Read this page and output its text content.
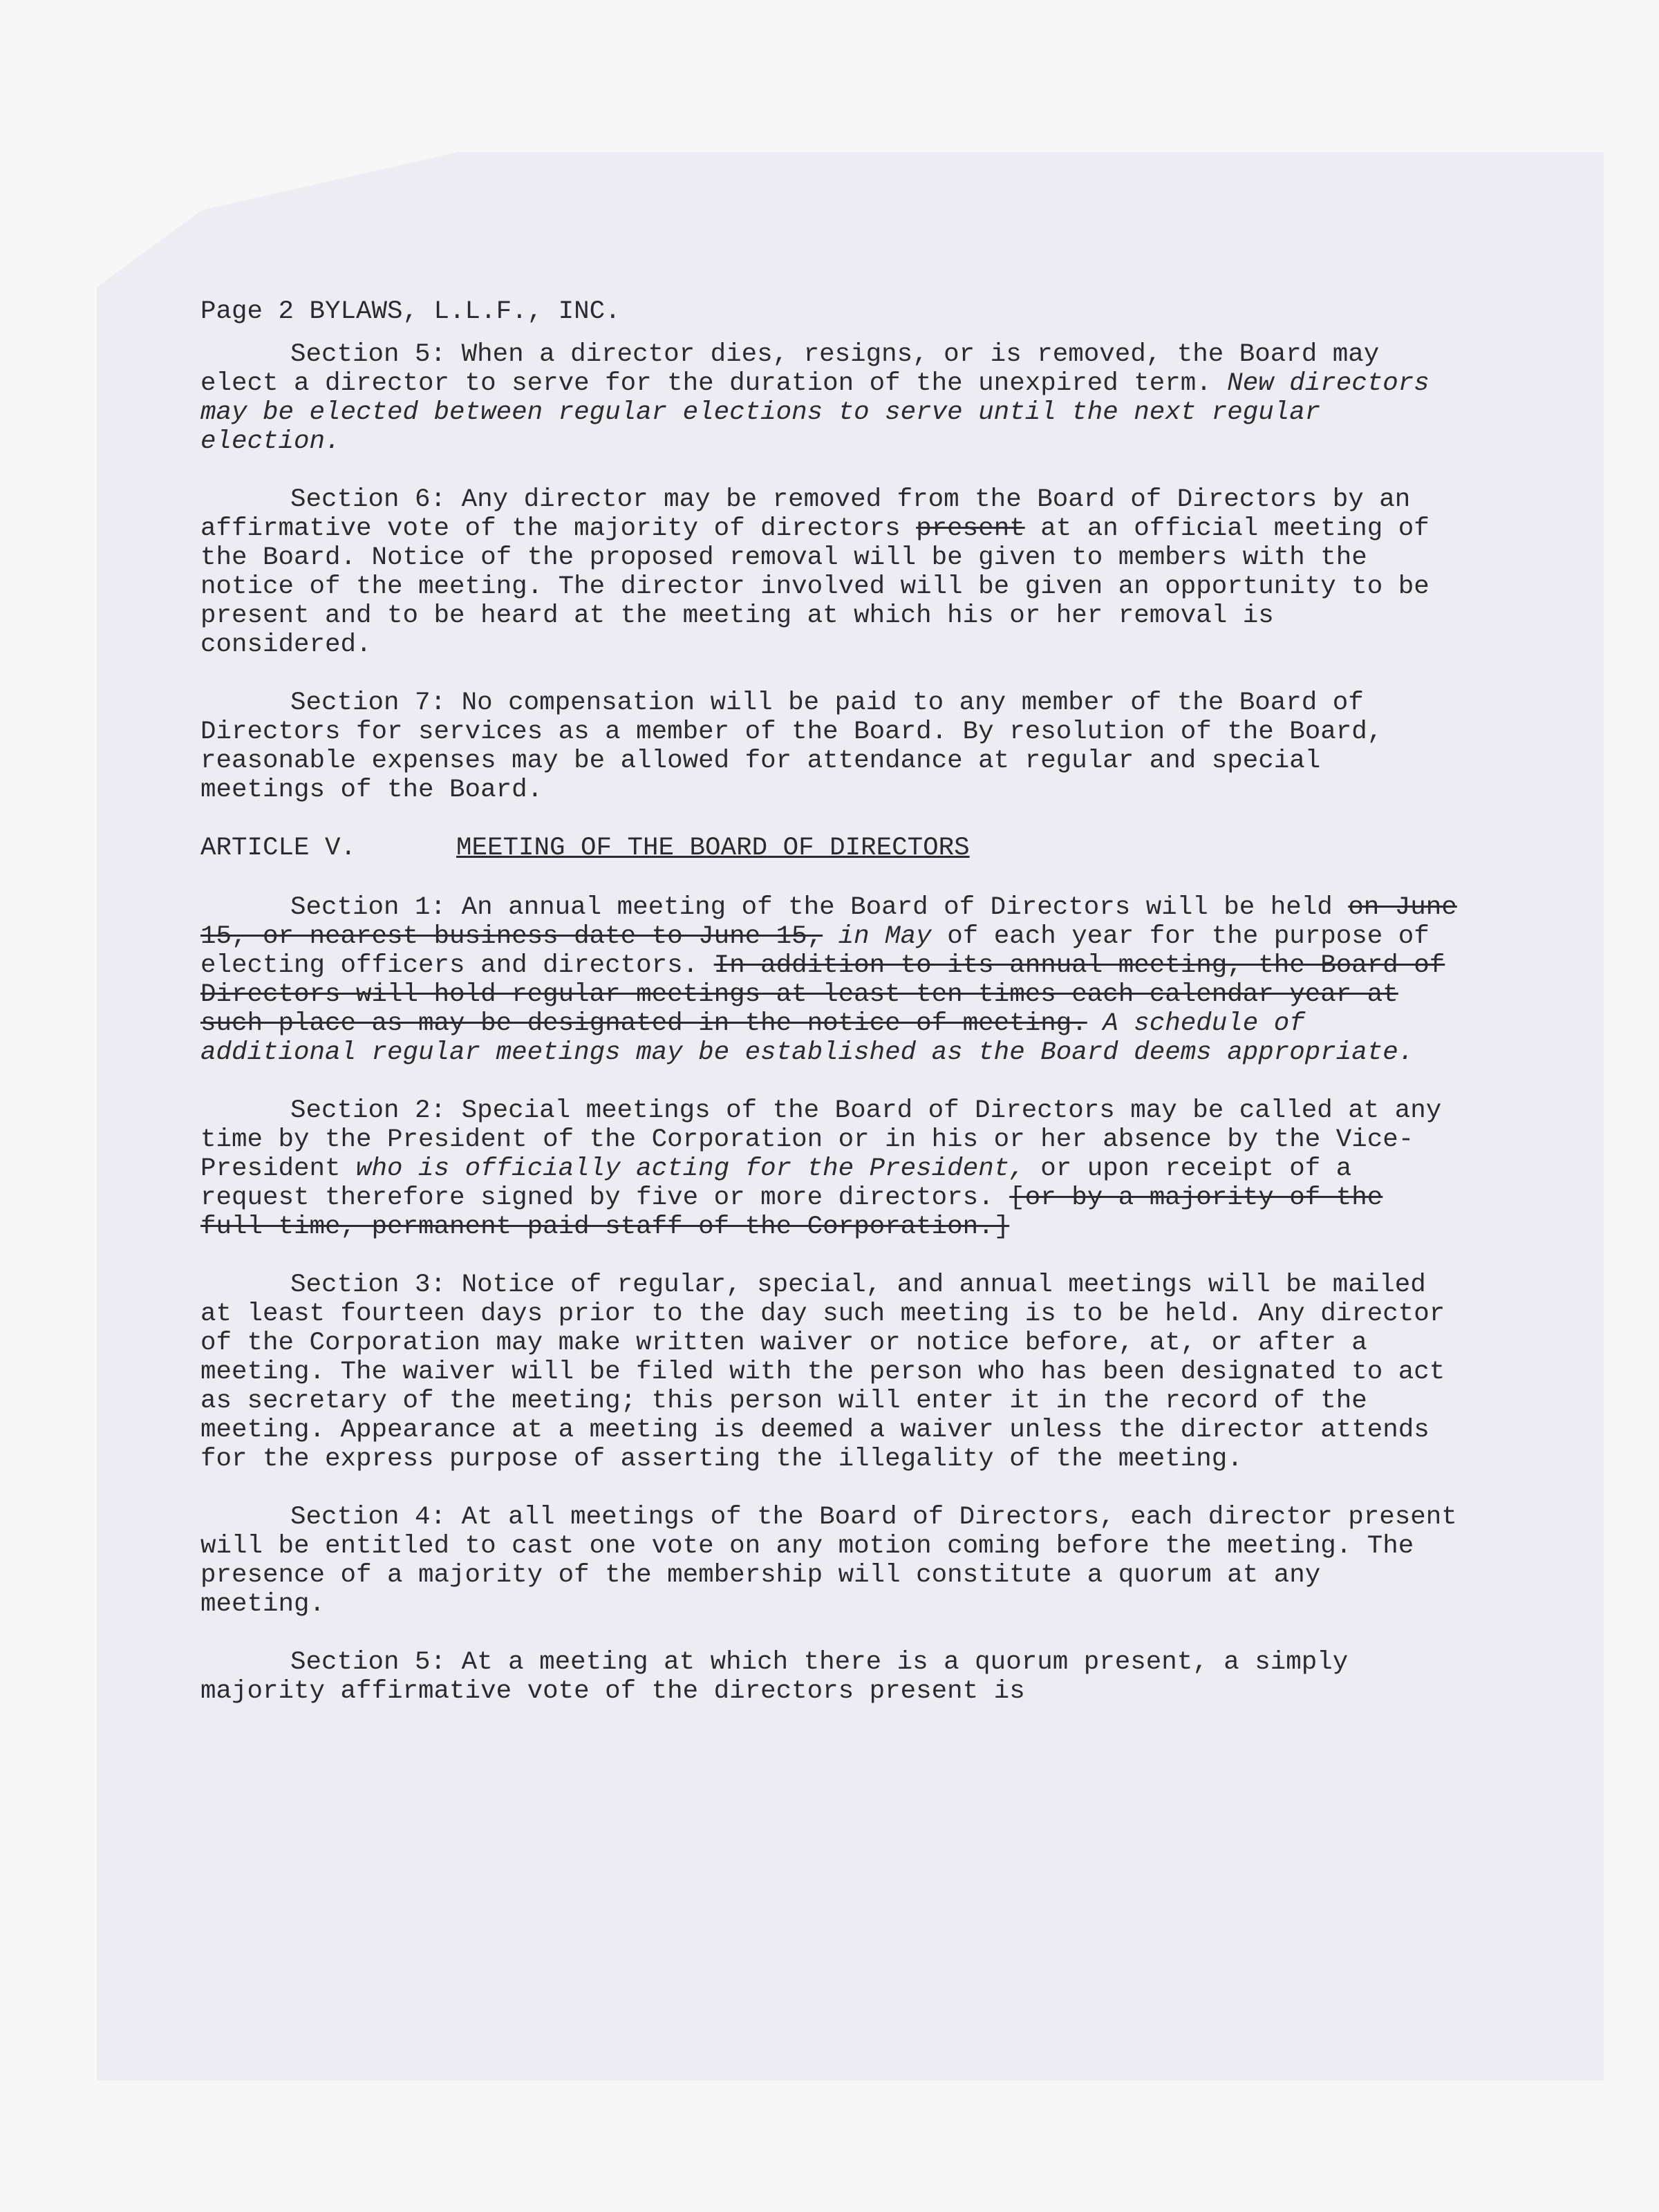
Page 2 BYLAWS, L.L.F., INC.

Section 5: When a director dies, resigns, or is removed, the Board may elect a director to serve for the duration of the unexpired term. New directors may be elected between regular elections to serve until the next regular election.

Section 6: Any director may be removed from the Board of Directors by an affirmative vote of the majority of directors present at an official meeting of the Board. Notice of the proposed removal will be given to members with the notice of the meeting. The director involved will be given an opportunity to be present and to be heard at the meeting at which his or her removal is considered.

Section 7: No compensation will be paid to any member of the Board of Directors for services as a member of the Board. By resolution of the Board, reasonable expenses may be allowed for attendance at regular and special meetings of the Board.

ARTICLE V.	MEETING OF THE BOARD OF DIRECTORS

Section 1: An annual meeting of the Board of Directors will be held on June 15, or nearest business date to June 15, in May of each year for the purpose of electing officers and directors. In addition to its annual meeting, the Board of Directors will hold regular meetings at least ten times each calendar year at such place as may be designated in the notice of meeting. A schedule of additional regular meetings may be established as the Board deems appropriate.

Section 2: Special meetings of the Board of Directors may be called at any time by the President of the Corporation or in his or her absence by the Vice-President who is officially acting for the President, or upon receipt of a request therefore signed by five or more directors. [or by a majority of the full time, permanent paid staff of the Corporation.]

Section 3: Notice of regular, special, and annual meetings will be mailed at least fourteen days prior to the day such meeting is to be held. Any director of the Corporation may make written waiver or notice before, at, or after a meeting. The waiver will be filed with the person who has been designated to act as secretary of the meeting; this person will enter it in the record of the meeting. Appearance at a meeting is deemed a waiver unless the director attends for the express purpose of asserting the illegality of the meeting.

Section 4: At all meetings of the Board of Directors, each director present will be entitled to cast one vote on any motion coming before the meeting. The presence of a majority of the membership will constitute a quorum at any meeting.

Section 5: At a meeting at which there is a quorum present, a simply majority affirmative vote of the directors present is
